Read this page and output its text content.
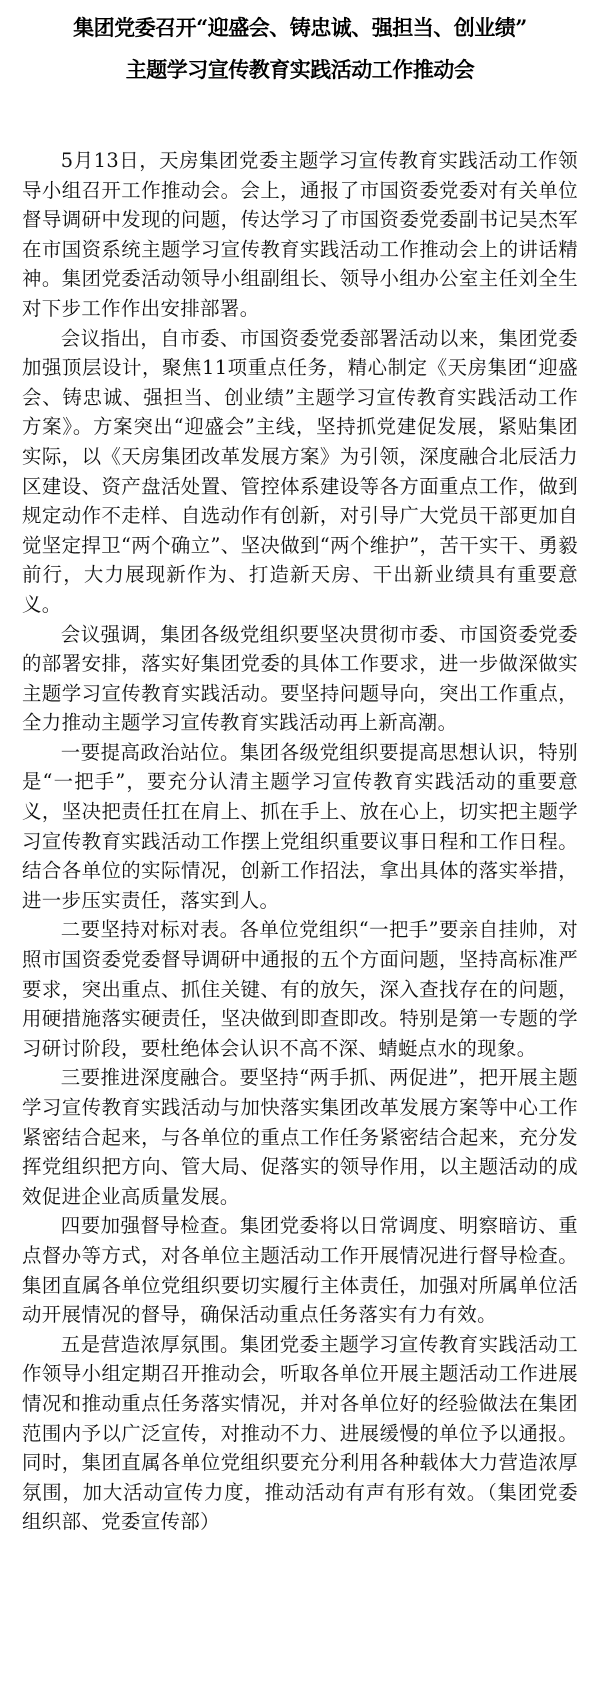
集团党委召开“迎盛会、铸忠诚、强担当、创业绩”
主题学习宣传教育实践活动工作推动会

5月13日，天房集团党委主题学习宣传教育实践活动工作领导小组召开工作推动会。会上，通报了市国资委党委对有关单位督导调研中发现的问题，传达学习了市国资委党委副书记吴杰军在市国资系统主题学习宣传教育实践活动工作推动会上的讲话精神。集团党委活动领导小组副组长、领导小组办公室主任刘全生对下步工作作出安排部署。

会议指出，自市委、市国资委党委部署活动以来，集团党委加强顶层设计，聚焦11项重点任务，精心制定《天房集团“迎盛会、铸忠诚、强担当、创业绩”主题学习宣传教育实践活动工作方案》。方案突出“迎盛会”主线，坚持抓党建促发展，紧贴集团实际，以《天房集团改革发展方案》为引领，深度融合北辰活力区建设、资产盘活处置、管控体系建设等各方面重点工作，做到规定动作不走样、自选动作有创新，对引导广大党员干部更加自觉坚定捍卫“两个确立”、坚决做到“两个维护”，苦干实干、勇毅前行，大力展现新作为、打造新天房、干出新业绩具有重要意义。

会议强调，集团各级党组织要坚决贯彻市委、市国资委党委的部署安排，落实好集团党委的具体工作要求，进一步做深做实主题学习宣传教育实践活动。要坚持问题导向，突出工作重点，全力推动主题学习宣传教育实践活动再上新高潮。

一要提高政治站位。集团各级党组织要提高思想认识，特别是“一把手”，要充分认清主题学习宣传教育实践活动的重要意义，坚决把责任扛在肩上、抓在手上、放在心上，切实把主题学习宣传教育实践活动工作摆上党组织重要议事日程和工作日程。结合各单位的实际情况，创新工作招法，拿出具体的落实举措，进一步压实责任，落实到人。

二要坚持对标对表。各单位党组织“一把手”要亲自挂帅，对照市国资委党委督导调研中通报的五个方面问题，坚持高标准严要求，突出重点、抓住关键、有的放矢，深入查找存在的问题，用硬措施落实硬责任，坚决做到即查即改。特别是第一专题的学习研讨阶段，要杜绝体会认识不高不深、蜻蜓点水的现象。

三要推进深度融合。要坚持“两手抓、两促进”，把开展主题学习宣传教育实践活动与加快落实集团改革发展方案等中心工作紧密结合起来，与各单位的重点工作任务紧密结合起来，充分发挥党组织把方向、管大局、促落实的领导作用，以主题活动的成效促进企业高质量发展。

四要加强督导检查。集团党委将以日常调度、明察暗访、重点督办等方式，对各单位主题活动工作开展情况进行督导检查。集团直属各单位党组织要切实履行主体责任，加强对所属单位活动开展情况的督导，确保活动重点任务落实有力有效。

五是营造浓厚氛围。集团党委主题学习宣传教育实践活动工作领导小组定期召开推动会，听取各单位开展主题活动工作进展情况和推动重点任务落实情况，并对各单位好的经验做法在集团范围内予以广泛宣传，对推动不力、进展缓慢的单位予以通报。同时，集团直属各单位党组织要充分利用各种载体大力营造浓厚氛围，加大活动宣传力度，推动活动有声有形有效。（集团党委组织部、党委宣传部）
